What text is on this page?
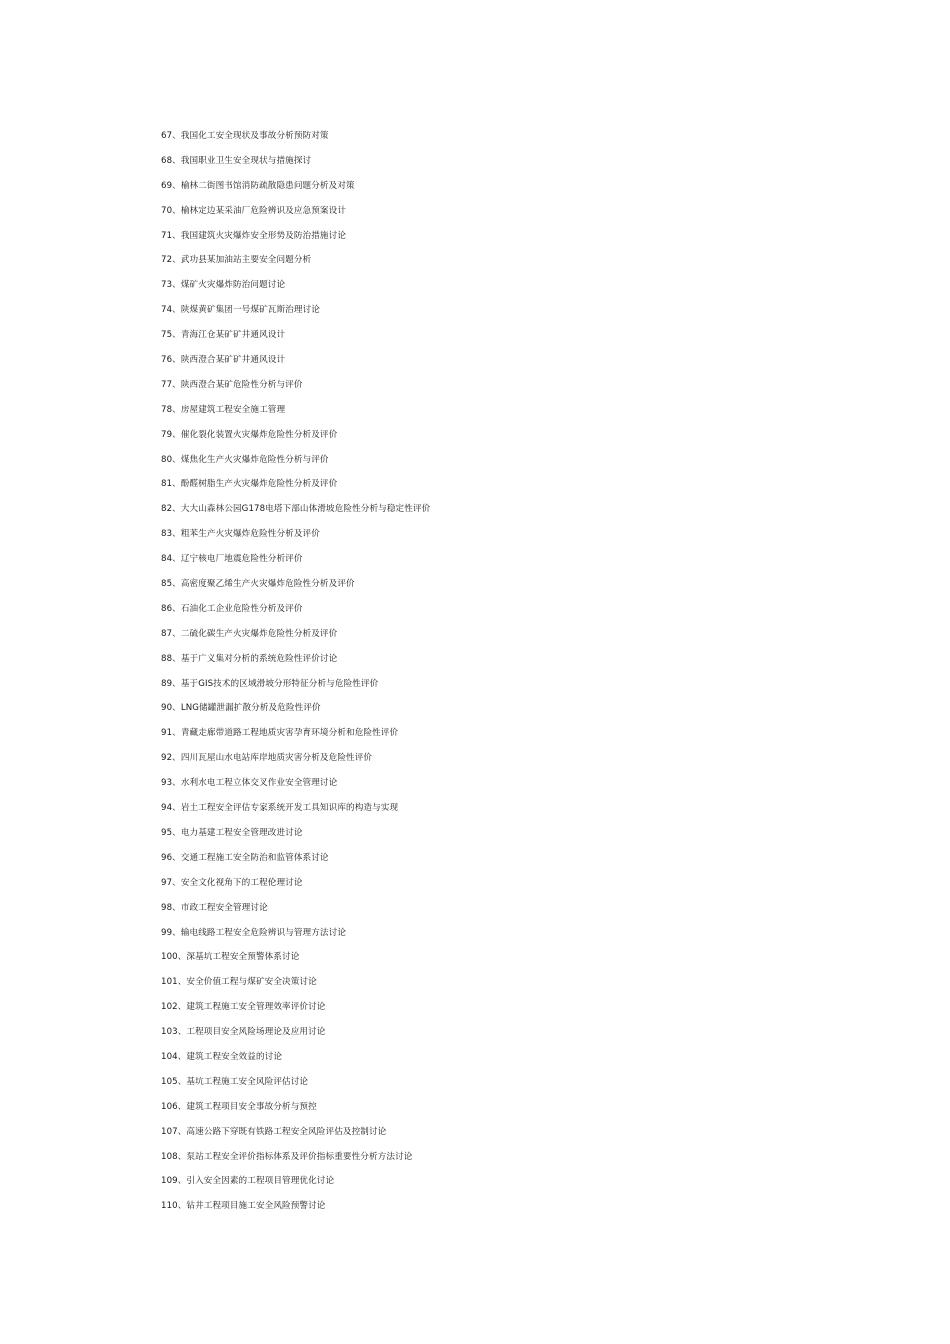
67、我国化工安全现状及事故分析预防对策
68、我国职业卫生安全现状与措施探讨
69、榆林二街图书馆消防疏散隐患问题分析及对策
70、榆林定边某采油厂危险辨识及应急预案设计
71、我国建筑火灾爆炸安全形势及防治措施讨论
72、武功县某加油站主要安全问题分析
73、煤矿火灾爆炸防治问题讨论
74、陕煤黄矿集团一号煤矿瓦斯治理讨论
75、青海江仓某矿矿井通风设计
76、陕西澄合某矿矿井通风设计
77、陕西澄合某矿危险性分析与评价
78、房屋建筑工程安全施工管理
79、催化裂化装置火灾爆炸危险性分析及评价
80、煤焦化生产火灾爆炸危险性分析与评价
81、酚醛树脂生产火灾爆炸危险性分析及评价
82、大大山森林公园G178电塔下部山体滑坡危险性分析与稳定性评价
83、粗苯生产火灾爆炸危险性分析及评价
84、辽宁核电厂地震危险性分析评价
85、高密度聚乙烯生产火灾爆炸危险性分析及评价
86、石油化工企业危险性分析及评价
87、二硫化碳生产火灾爆炸危险性分析及评价
88、基于广义集对分析的系统危险性评价讨论
89、基于GIS技术的区域滑坡分形特征分析与危险性评价
90、LNG储罐泄漏扩散分析及危险性评价
91、青藏走廊带道路工程地质灾害孕育环境分析和危险性评价
92、四川瓦屋山水电站库岸地质灾害分析及危险性评价
93、水利水电工程立体交叉作业安全管理讨论
94、岩土工程安全评估专家系统开发工具知识库的构造与实现
95、电力基建工程安全管理改进讨论
96、交通工程施工安全防治和监管体系讨论
97、安全文化视角下的工程伦理讨论
98、市政工程安全管理讨论
99、输电线路工程安全危险辨识与管理方法讨论
100、深基坑工程安全预警体系讨论
101、安全价值工程与煤矿安全决策讨论
102、建筑工程施工安全管理效率评价讨论
103、工程项目安全风险场理论及应用讨论
104、建筑工程安全效益的讨论
105、基坑工程施工安全风险评估讨论
106、建筑工程项目安全事故分析与预控
107、高速公路下穿既有铁路工程安全风险评估及控制讨论
108、泵站工程安全评价指标体系及评价指标重要性分析方法讨论
109、引入安全因素的工程项目管理优化讨论
110、钻井工程项目施工安全风险预警讨论
